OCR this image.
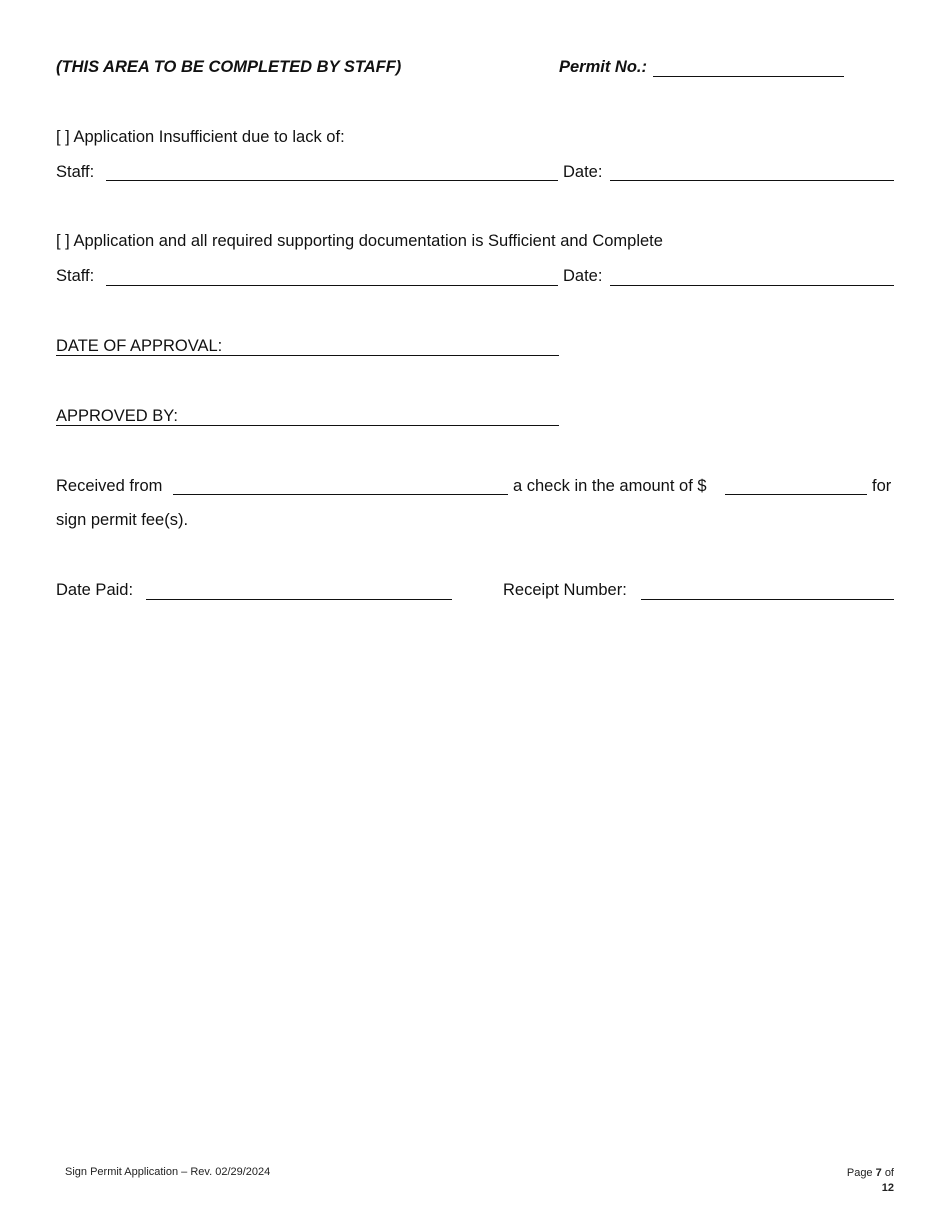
(THIS AREA TO BE COMPLETED BY STAFF)	Permit No.:
[ ] Application Insufficient due to lack of:
Staff:	Date:
[ ] Application and all required supporting documentation is Sufficient and Complete
Staff:	Date:
DATE OF APPROVAL:
APPROVED BY:
Received from	a check in the amount of $	for
sign permit fee(s).
Date Paid:	Receipt Number:
Sign Permit Application – Rev. 02/29/2024	Page 7 of
12
